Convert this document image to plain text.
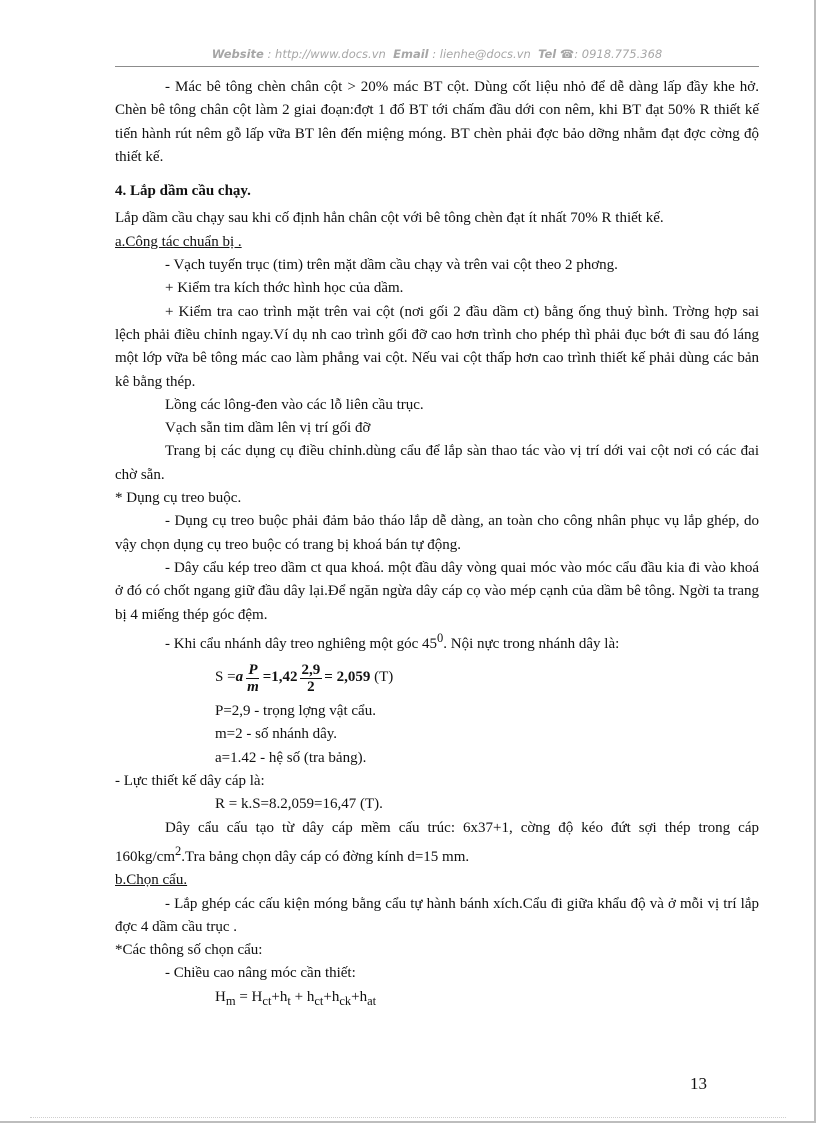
Website : http://www.docs.vn Email : lienhe@docs.vn Tel ☎: 0918.775.368

- Mác bê tông chèn chân cột > 20% mác BT cột. Dùng cốt liệu nhỏ để dễ dàng lấp đầy khe hở. Chèn bê tông chân cột làm 2 giai đoạn:đợt 1 đổ BT tới chấm đầu dới con nêm, khi BT đạt 50% R thiết kế tiến hành rút nêm gỗ lấp vữa BT lên đến miệng móng. BT chèn phải đợc bảo dỡng nhằm đạt đợc cờng độ thiết kế.

4. Lắp dầm cầu chạy.

Lắp dầm cầu chạy sau khi cố định hẳn chân cột với bê tông chèn đạt ít nhất 70% R thiết kế.

a.Công tác chuẩn bị .

- Vạch tuyến trục (tim) trên mặt dầm cầu chạy và trên vai cột theo 2 phơng.

+ Kiểm tra kích thớc hình học của dầm.

+ Kiểm tra cao trình mặt trên vai cột (nơi gối 2 đầu dầm ct) bằng ống thuỷ bình. Trờng hợp sai lệch phải điều chỉnh ngay.Ví dụ nh cao trình gối đỡ cao hơn trình cho phép thì phải đục bớt đi sau đó láng một lớp vữa bê tông mác cao làm phẳng vai cột. Nếu vai cột thấp hơn cao trình thiết kế phải dùng các bản kê bằng thép.

Lồng các lông-đen vào các lỗ liên cầu trục.

Vạch sẵn tim dầm lên vị trí gối đỡ

Trang bị các dụng cụ điều chỉnh.dùng cẩu để lắp sàn thao tác vào vị trí dới vai cột nơi có các đai chờ sẵn.

* Dụng cụ treo buộc.

- Dụng cụ treo buộc phải đảm bảo tháo lắp dễ dàng, an toàn cho công nhân phục vụ lắp ghép, do vậy chọn dụng cụ treo buộc có trang bị khoá bán tự động.

- Dây cẩu kép treo dầm ct qua khoá. một đầu dây vòng quai móc vào móc cẩu đầu kia đi vào khoá ở đó có chốt ngang giữ đầu dây lại.Để ngăn ngừa dây cáp cọ vào mép cạnh của dầm bê tông. Ngời ta trang bị 4 miếng thép góc đệm.

- Khi cẩu nhánh dây treo nghiêng một góc $45^0$. Nội nực trong nhánh dây là:

S = a $\frac{P}{m} = 1,42 \frac{2,9}{2}$ =
2,059
(T)

P=2,9 - trọng lợng vật cẩu.

m=2 - số nhánh dây.

a=1.42 - hệ số (tra bảng).

- Lực thiết kế dây cáp là:

R = k.S=8.2,059=16,47 (T).

Dây cẩu cấu tạo từ dây cáp mềm cấu trúc: 6x37+1, cờng độ kéo đứt sợi thép trong cáp $160kg/cm^2.Tra$ bảng chọn dây cáp có đờng kính d=15 mm.

b.Chọn cẩu.

- Lắp ghép các cấu kiện móng bằng cẩu tự hành bánh xích.Cẩu đi giữa khẩu độ và ở mỗi vị trí lắp đợc 4 dầm cầu trục .

*Các thông số chọn cẩu:

- Chiều cao nâng móc cần thiết:

$H_m = H_{ct}+h_t + h_{ct}+h_{ck}+h_{at}$

13
